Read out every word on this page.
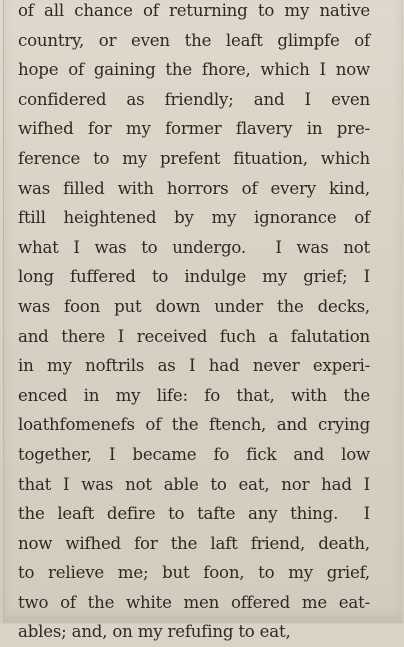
of all chance of returning to my native
country, or even the leaft glimpfe of
hope of gaining the fhore, which I now
confidered as friendly; and I even
wifhed for my former flavery in pre-
ference to my prefent fituation, which
was filled with horrors of every kind,
ftill heightened by my ignorance of
what I was to undergo.  I was not
long fuffered to indulge my grief; I
was foon put down under the decks,
and there I received fuch a falutation
in my noftrils as I had never experi-
enced in my life: fo that, with the
loathfomenefs of the ftench, and crying
together, I became fo fick and low
that I was not able to eat, nor had I
the leaft defire to tafte any thing.  I
now wifhed for the laft friend, death,
to relieve me; but foon, to my grief,
two of the white men offered me eat-
ables; and, on my refufing to eat,
